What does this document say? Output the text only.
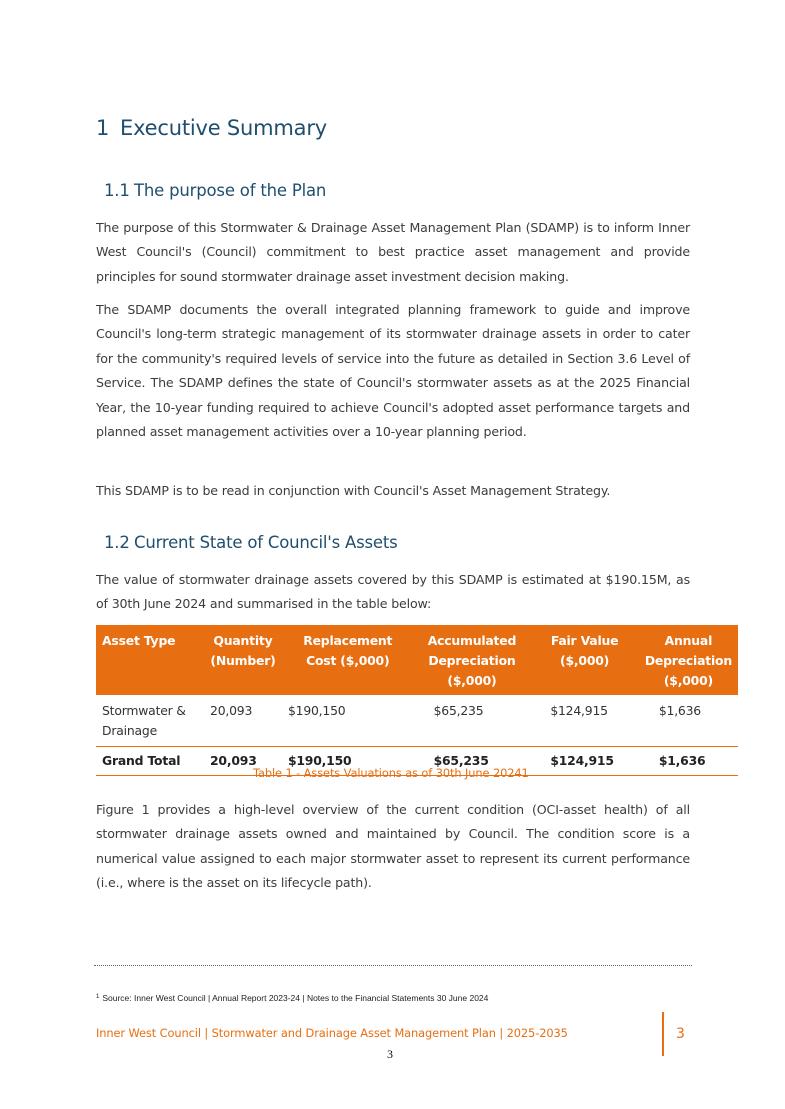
1 Executive Summary
1.1 The purpose of the Plan

The purpose of this Stormwater & Drainage Asset Management Plan (SDAMP) is to inform Inner West Council's (Council) commitment to best practice asset management and provide principles for sound stormwater drainage asset investment decision making.

The SDAMP documents the overall integrated planning framework to guide and improve Council's long-term strategic management of its stormwater drainage assets in order to cater for the community's required levels of service into the future as detailed in Section 3.6 Level of Service. The SDAMP defines the state of Council's stormwater assets as at the 2025 Financial Year, the 10-year funding required to achieve Council's adopted asset performance targets and planned asset management activities over a 10-year planning period.

This SDAMP is to be read in conjunction with Council's Asset Management Strategy.

1.2 Current State of Council's Assets

The value of stormwater drainage assets covered by this SDAMP is estimated at $190.15M, as of 30th June 2024 and summarised in the table below:

Asset Type	Quantity (Number)	Replacement Cost ($,000)	Accumulated Depreciation ($,000)	Fair Value ($,000)	Annual Depreciation ($,000)
Stormwater & Drainage	20,093	$190,150	$65,235	$124,915	$1,636
Grand Total	20,093	$190,150	$65,235	$124,915	$1,636

Table 1 - Assets Valuations as of 30th June 20241

Figure 1 provides a high-level overview of the current condition (OCI-asset health) of all stormwater drainage assets owned and maintained by Council. The condition score is a numerical value assigned to each major stormwater asset to represent its current performance (i.e., where is the asset on its lifecycle path).

$^1$ Source: Inner West Council | Annual Report 2023-24 | Notes to the Financial Statements 30 June 2024

Inner West Council | Stormwater and Drainage Asset Management Plan | 2025-2035	3

3
